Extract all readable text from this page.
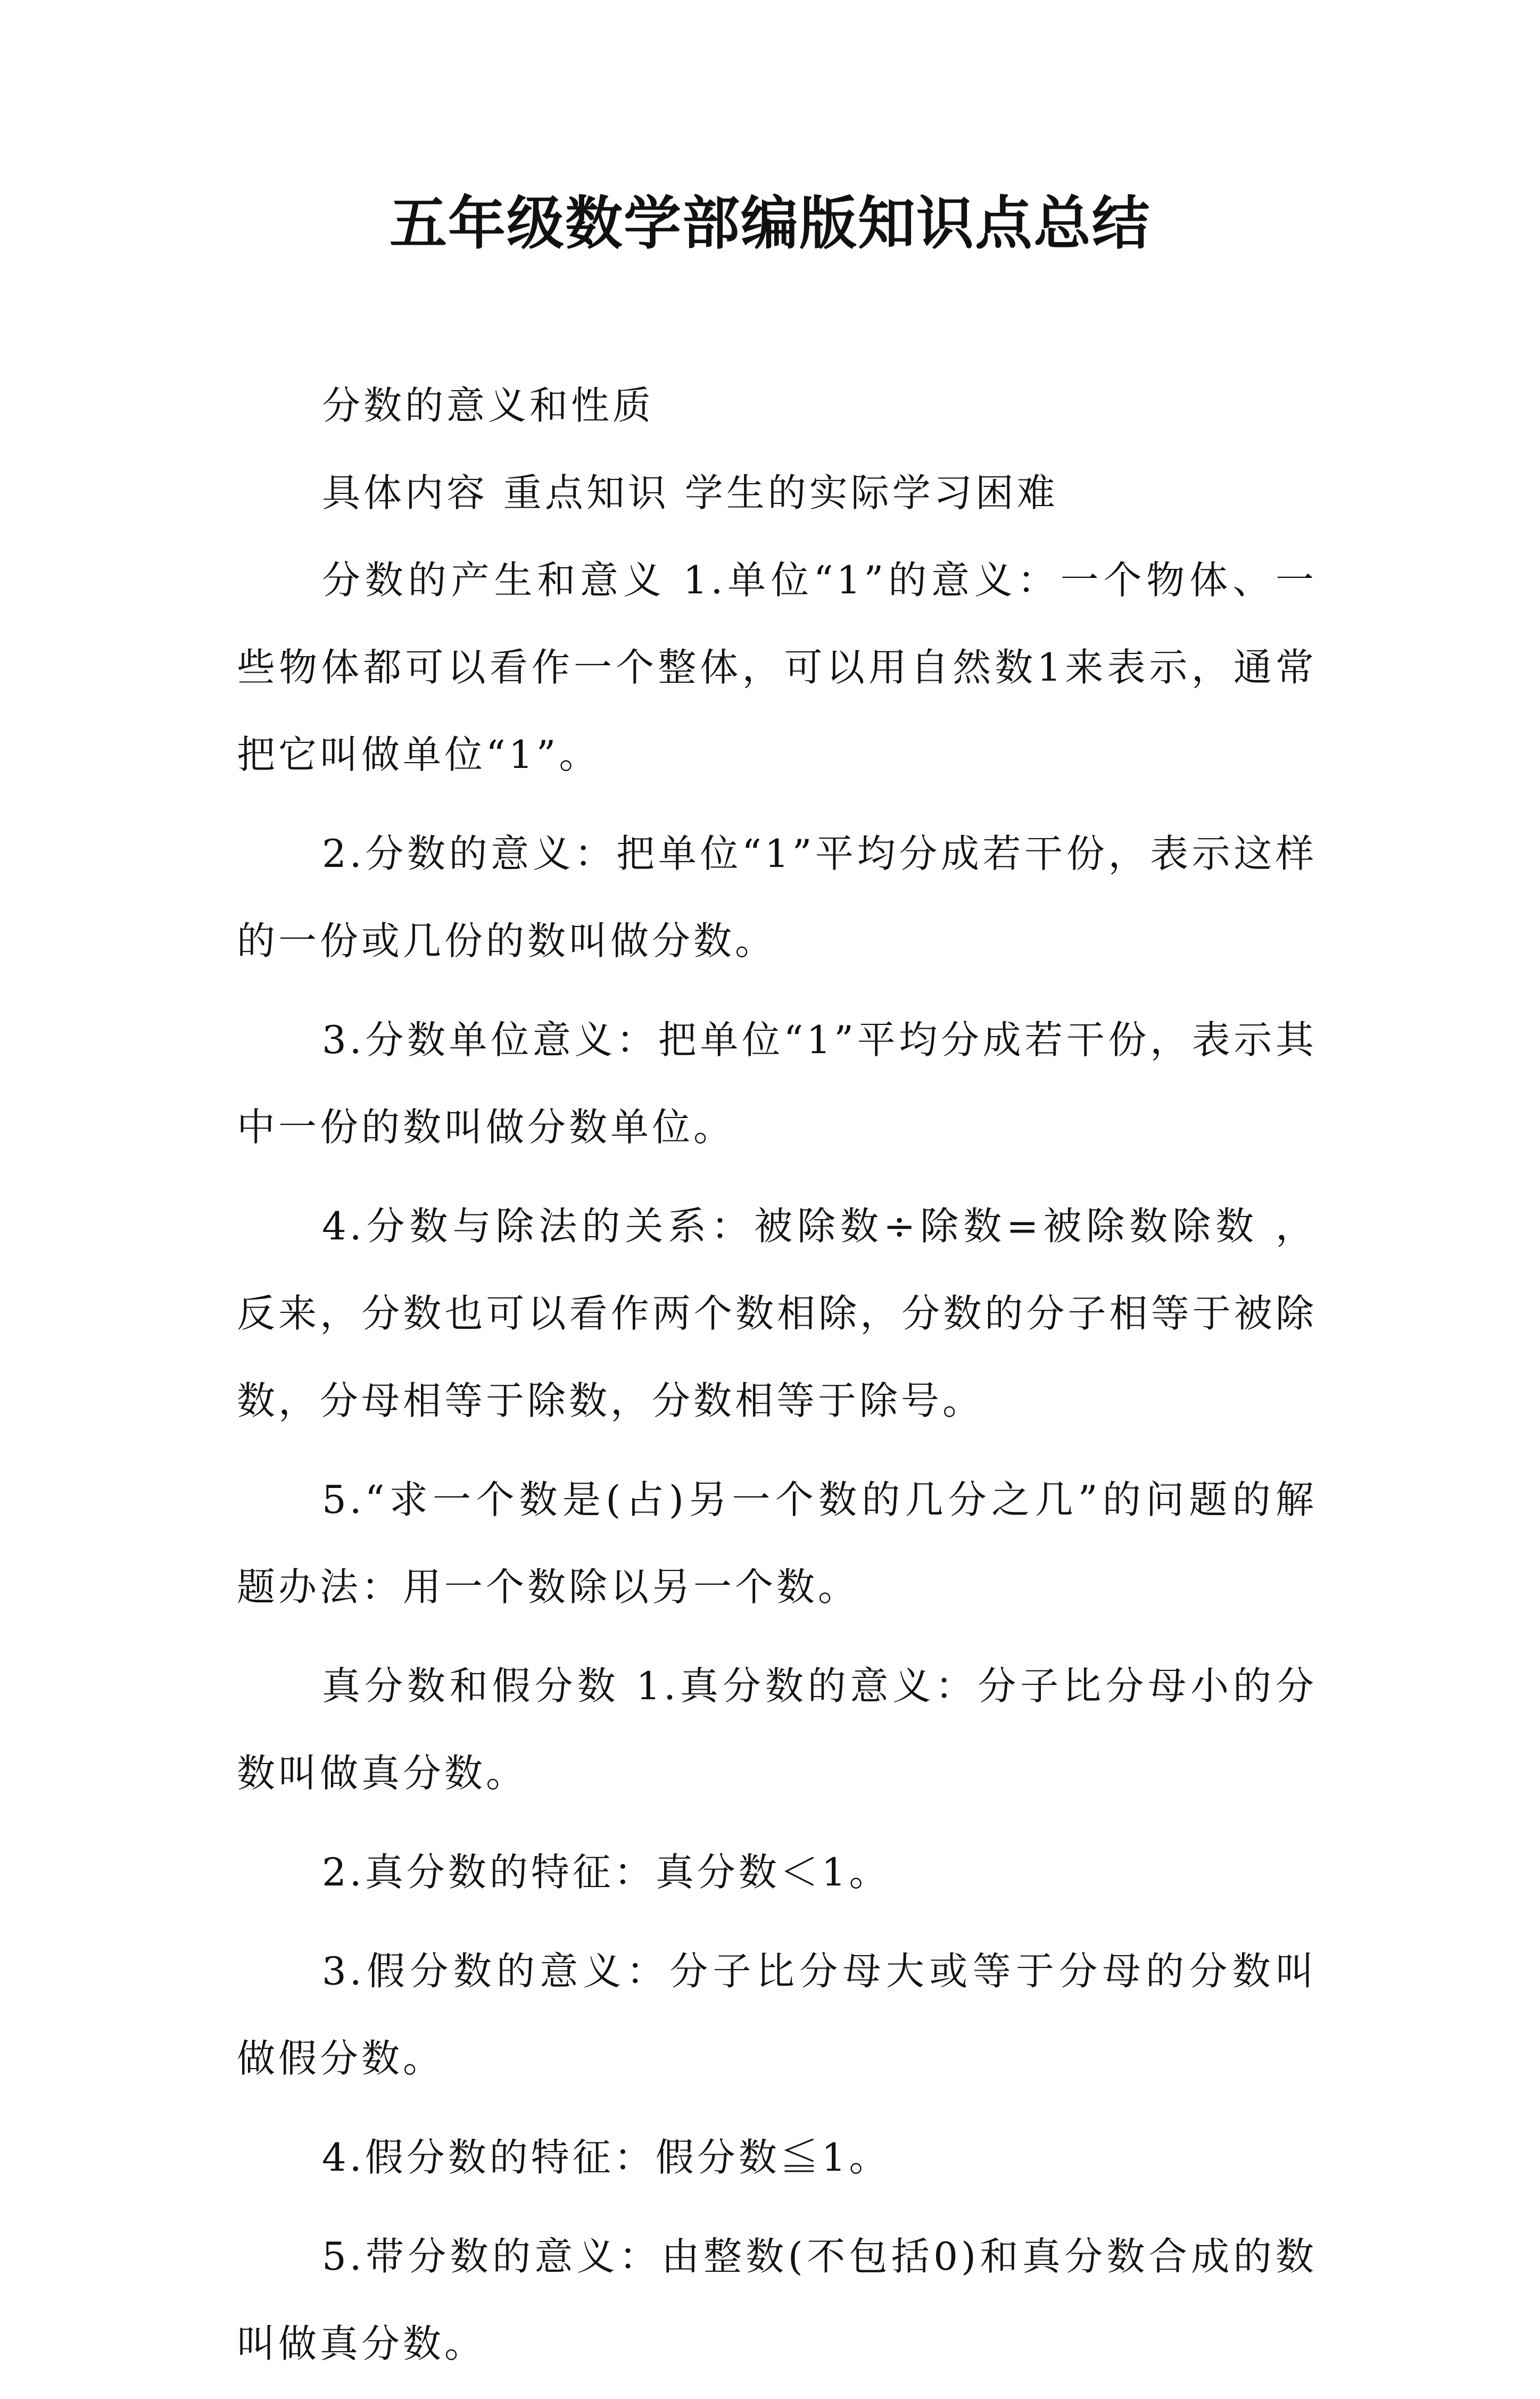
五年级数学部编版知识点总结

分数的意义和性质

具体内容 重点知识 学生的实际学习困难

分数的产生和意义 1.单位“1”的意义：一个物体、一些物体都可以看作一个整体，可以用自然数1来表示，通常把它叫做单位“1”。

2.分数的意义：把单位“1”平均分成若干份，表示这样的一份或几份的数叫做分数。

3.分数单位意义：把单位“1”平均分成若干份，表示其中一份的数叫做分数单位。

4.分数与除法的关系：被除数÷除数=被除数除数 ，反来，分数也可以看作两个数相除，分数的分子相等于被除数，分母相等于除数，分数相等于除号。

5.“求一个数是(占)另一个数的几分之几”的问题的解题办法：用一个数除以另一个数。

真分数和假分数 1.真分数的意义：分子比分母小的分数叫做真分数。

2.真分数的特征：真分数＜1。

3.假分数的意义：分子比分母大或等于分母的分数叫做假分数。

4.假分数的特征：假分数≦1。

5.带分数的意义：由整数(不包括0)和真分数合成的数叫做真分数。
